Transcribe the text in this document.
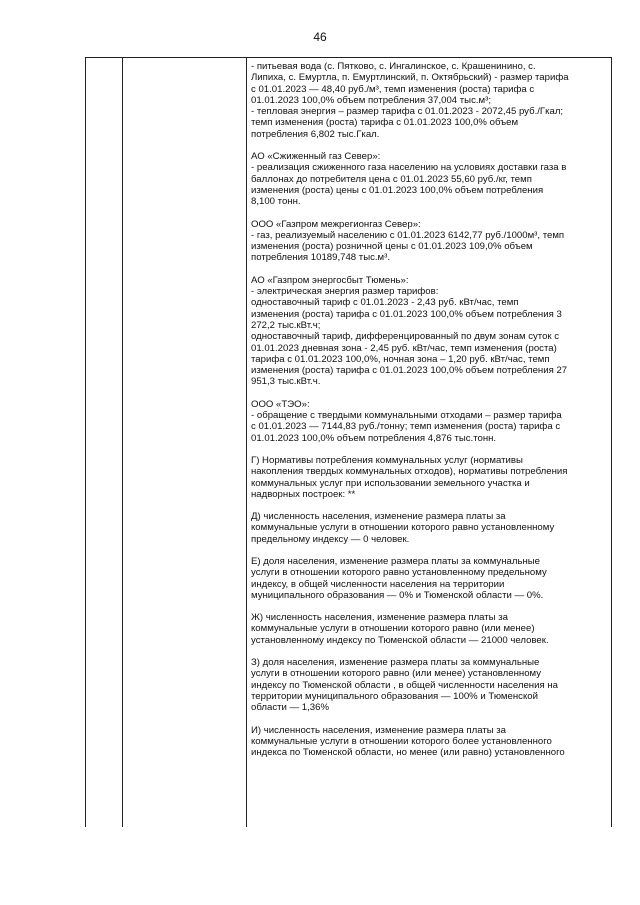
46

- питьевая вода (с. Пятково, с. Ингалинское, с. Крашенинино, с.
Липиха, с. Емуртла, п. Емуртлинский, п. Октябрьский) - размер тарифа
с 01.01.2023 — 48,40 руб./м³, темп изменения (роста) тарифа с
01.01.2023 100,0% объем потребления 37,004 тыс.м³;
- тепловая энергия – размер тарифа с 01.01.2023 - 2072,45 руб./Гкал;
темп изменения (роста) тарифа с 01.01.2023 100,0% объем
потребления 6,802 тыс.Гкал.

АО «Сжиженный газ Север»:
- реализация сжиженного газа населению на условиях доставки газа в
баллонах до потребителя цена с 01.01.2023 55,60 руб./кг, темп
изменения (роста) цены с 01.01.2023 100,0% объем потребления
8,100 тонн.

ООО «Газпром межрегионгаз Север»:
- газ, реализуемый населению с 01.01.2023 6142,77 руб./1000м³, темп
изменения (роста) розничной цены с 01.01.2023 109,0% объем
потребления 10189,748 тыс.м³.

АО «Газпром энергосбыт Тюмень»:
- электрическая энергия размер тарифов:
одноставочный тариф с 01.01.2023 - 2,43 руб. кВт/час, темп
изменения (роста) тарифа с 01.01.2023 100,0% объем потребления 3
272,2 тыс.кВт.ч;
одноставочный тариф, дифференцированный по двум зонам суток с
01.01.2023 дневная зона - 2,45 руб. кВт/час, темп изменения (роста)
тарифа с 01.01.2023 100,0%, ночная зона – 1,20 руб. кВт/час, темп
изменения (роста) тарифа с 01.01.2023 100,0% объем потребления 27
951,3 тыс.кВт.ч.

ООО «ТЭО»:
- обращение с твердыми коммунальными отходами – размер тарифа
с 01.01.2023 — 7144,83 руб./тонну; темп изменения (роста) тарифа с
01.01.2023 100,0% объем потребления 4,876 тыс.тонн.

Г) Нормативы потребления коммунальных услуг (нормативы
накопления твердых коммунальных отходов), нормативы потребления
коммунальных услуг при использовании земельного участка и
надворных построек: **

Д) численность населения, изменение размера платы за
коммунальные услуги в отношении которого равно установленному
предельному индексу — 0 человек.

Е) доля населения, изменение размера платы за коммунальные
услуги в отношении которого равно установленному предельному
индексу, в общей численности населения на территории
муниципального образования — 0% и Тюменской области — 0%.

Ж) численность населения, изменение размера платы за
коммунальные услуги в отношении которого равно (или менее)
установленному индексу по Тюменской области — 21000 человек.

З) доля населения, изменение размера платы за коммунальные
услуги в отношении которого равно (или менее) установленному
индексу по Тюменской области , в общей численности населения на
территории муниципального образования — 100% и Тюменской
области — 1,36%

И) численность населения, изменение размера платы за
коммунальные услуги в отношении которого более установленного
индекса по Тюменской области, но менее (или равно) установленного
